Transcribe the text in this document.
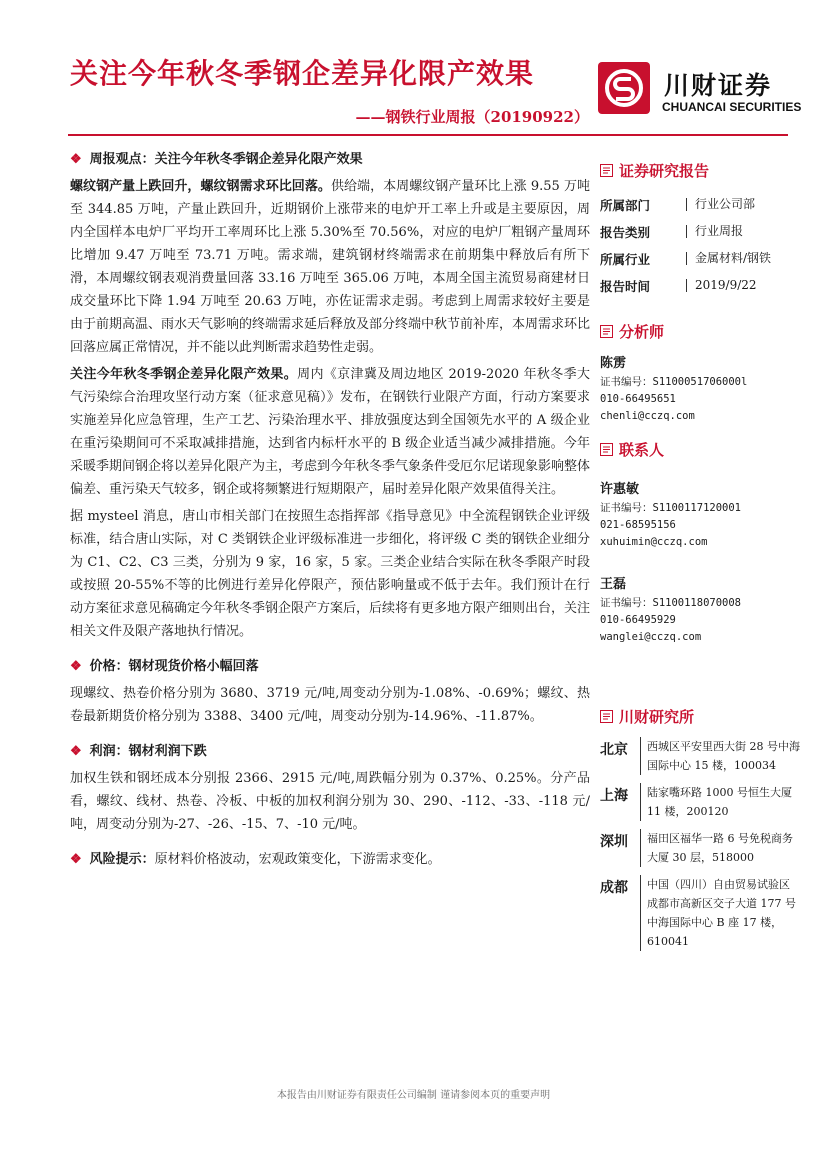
关注今年秋冬季钢企差异化限产效果
——钢铁行业周报（20190922）
川财证券
CHUANCAI SECURITIES
❖ 周报观点：关注今年秋冬季钢企差异化限产效果

螺纹钢产量上跌回升，螺纹钢需求环比回落。供给端，本周螺纹钢产量环比上涨 9.55 万吨至 344.85 万吨，产量止跌回升，近期钢价上涨带来的电炉开工率上升或是主要原因，周内全国样本电炉厂平均开工率周环比上涨 5.30%至 70.56%，对应的电炉厂粗钢产量周环比增加 9.47 万吨至 73.71 万吨。需求端，建筑钢材终端需求在前期集中释放后有所下滑，本周螺纹钢表观消费量回落 33.16 万吨至 365.06 万吨，本周全国主流贸易商建材日成交量环比下降 1.94 万吨至 20.63 万吨，亦佐证需求走弱。考虑到上周需求较好主要是由于前期高温、雨水天气影响的终端需求延后释放及部分终端中秋节前补库，本周需求环比回落应属正常情况，并不能以此判断需求趋势性走弱。

关注今年秋冬季钢企差异化限产效果。周内《京津冀及周边地区 2019-2020 年秋冬季大气污染综合治理攻坚行动方案（征求意见稿）》发布，在钢铁行业限产方面，行动方案要求实施差异化应急管理，生产工艺、污染治理水平、排放强度达到全国领先水平的 A 级企业在重污染期间可不采取减排措施，达到省内标杆水平的 B 级企业适当减少减排措施。今年采暖季期间钢企将以差异化限产为主，考虑到今年秋冬季气象条件受厄尔尼诺现象影响整体偏差、重污染天气较多，钢企或将频繁进行短期限产，届时差异化限产效果值得关注。

据 mysteel 消息，唐山市相关部门在按照生态指挥部《指导意见》中全流程钢铁企业评级标准，结合唐山实际，对 C 类钢铁企业评级标准进一步细化，将评级 C 类的钢铁企业细分为 C1、C2、C3 三类，分别为 9 家，16 家，5 家。三类企业结合实际在秋冬季限产时段或按照 20-55%不等的比例进行差异化停限产，预估影响量或不低于去年。我们预计在行动方案征求意见稿确定今年秋冬季钢企限产方案后，后续将有更多地方限产细则出台，关注相关文件及限产落地执行情况。

❖ 价格：钢材现货价格小幅回落

现螺纹、热卷价格分别为 3680、3719 元/吨,周变动分别为-1.08%、-0.69%；螺纹、热卷最新期货价格分别为 3388、3400 元/吨，周变动分别为-14.96%、-11.87%。

❖ 利润：钢材利润下跌

加权生铁和钢坯成本分别报 2366、2915 元/吨,周跌幅分别为 0.37%、0.25%。分产品看，螺纹、线材、热卷、冷板、中板的加权利润分别为 30、290、-112、-33、-118 元/吨，周变动分别为-27、-26、-15、7、-10 元/吨。

❖ 风险提示：原材料价格波动，宏观政策变化，下游需求变化。
证券研究报告
所属部门	行业公司部
报告类别	行业周报
所属行业	金属材料/钢铁
报告时间	2019/9/22
分析师
陈雳
证书编号：S1100051706000l
010-66495651
chenli@cczq.com
联系人
许惠敏
证书编号：S1100117120001
021-68595156
xuhuimin@cczq.com
王磊
证书编号：S1100118070008
010-66495929
wanglei@cczq.com
川财研究所
北京	西城区平安里西大街 28 号中海国际中心 15 楼，100034
上海	陆家嘴环路 1000 号恒生大厦 11 楼，200120
深圳	福田区福华一路 6 号免税商务大厦 30 层，518000
成都	中国（四川）自由贸易试验区成都市高新区交子大道 177 号中海国际中心 B 座 17 楼，610041
本报告由川财证券有限责任公司编制 谨请参阅本页的重要声明
